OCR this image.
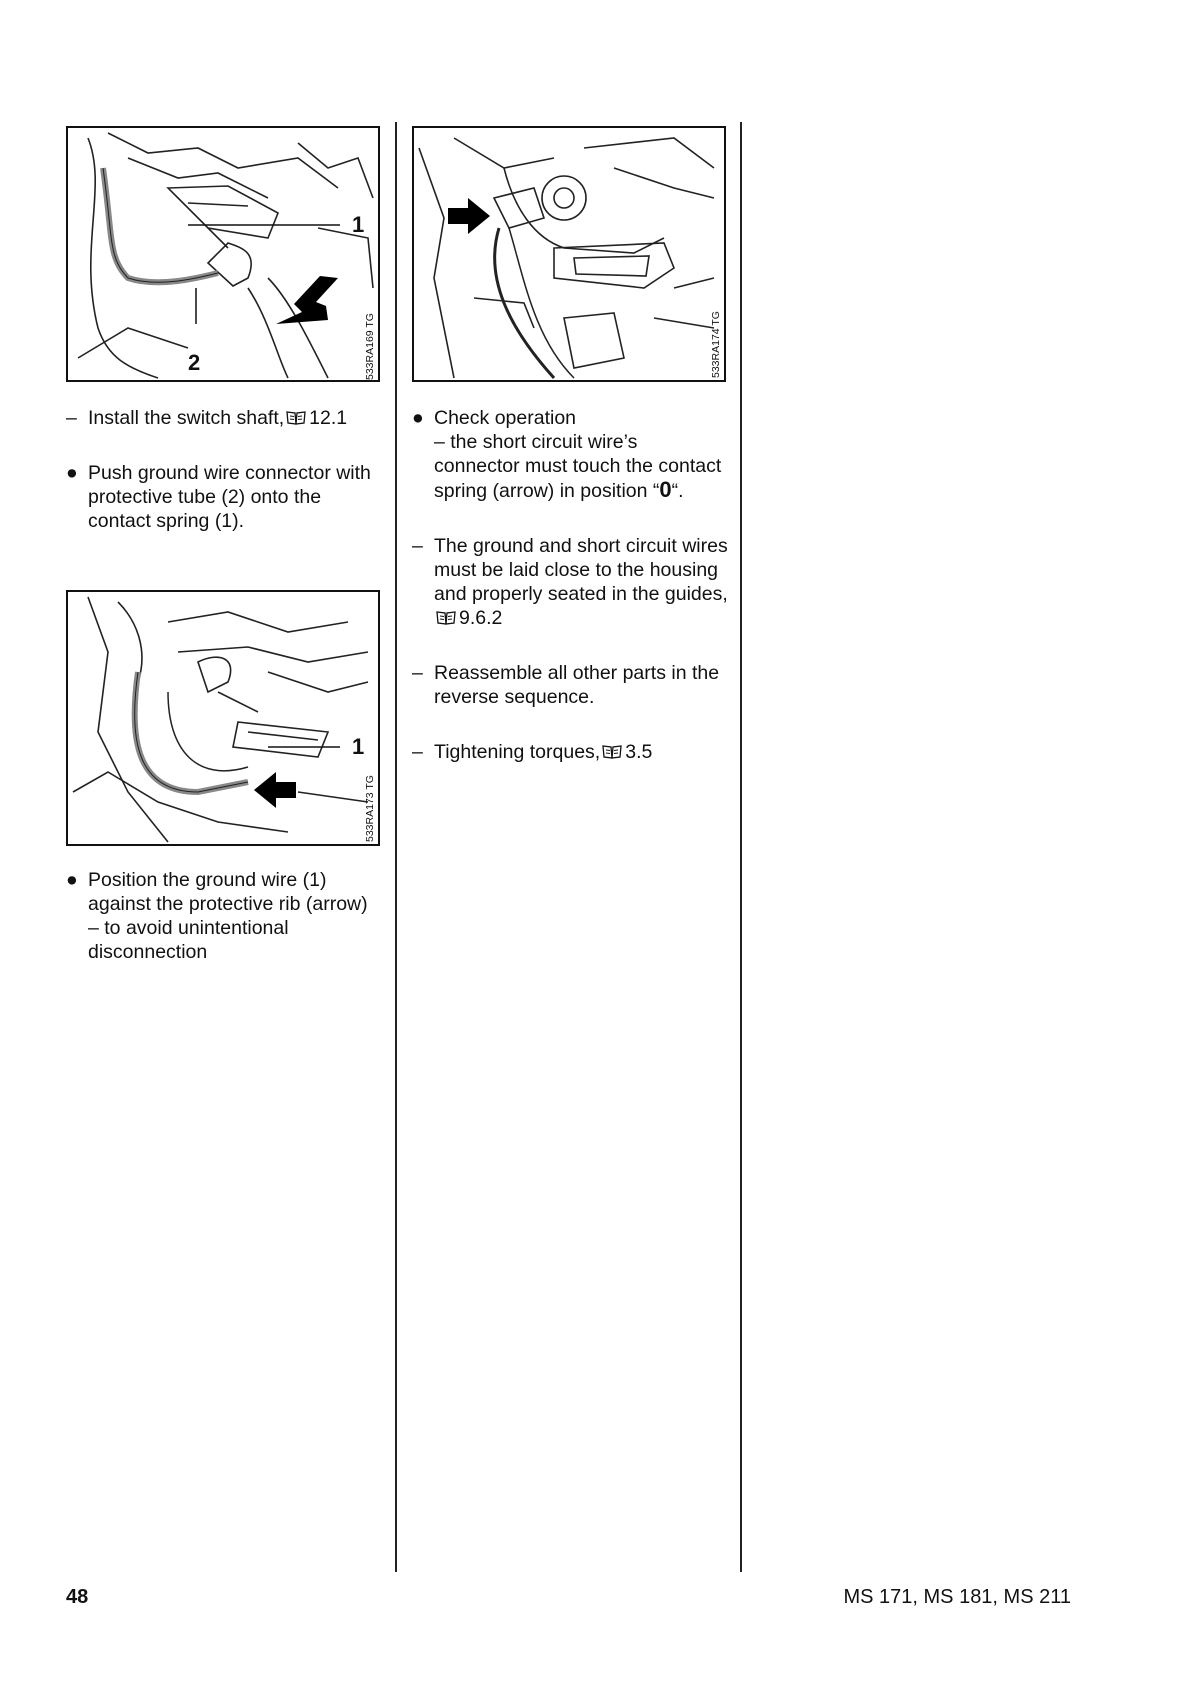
1
2	533RA169 TG
– Install the switch shaft, 12.1
● Push ground wire connector with protective tube (2) onto the contact spring (1).
1
533RA173 TG
● Position the ground wire (1)
against the protective rib (arrow)
– to avoid unintentional
disconnection
533RA174 TG
● Check operation
– the short circuit wire’s
connector must touch the contact
spring (arrow) in position “0“.
– The ground and short circuit wires must be laid close to the housing and properly seated in the guides,9.6.2
– Reassemble all other parts in the reverse sequence.
– Tightening torques, 3.5
48	MS 171, MS 181, MS 211
